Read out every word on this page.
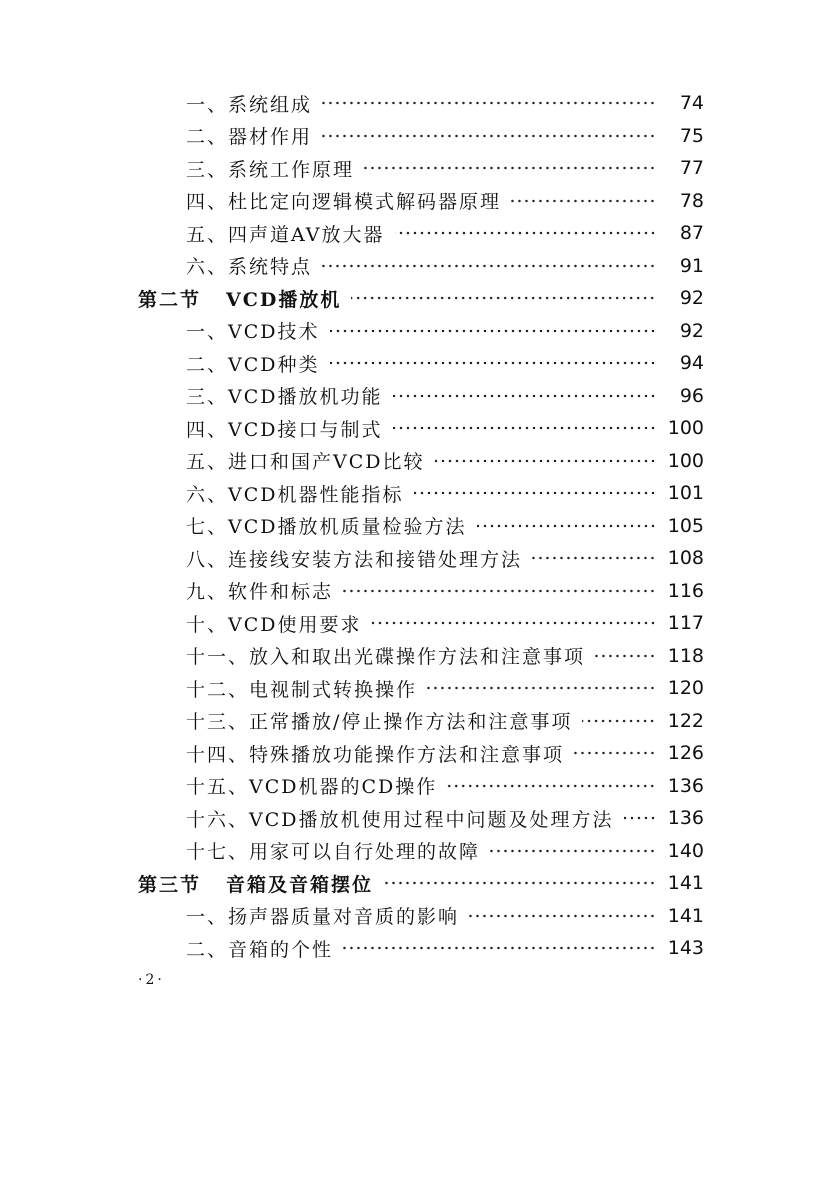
一、系统组成	74
二、器材作用	75
三、系统工作原理	77
四、杜比定向逻辑模式解码器原理	78
五、四声道AV放大器	87
六、系统特点	91
第二节 VCD播放机	92
一、VCD技术	92
二、VCD种类	94
三、VCD播放机功能	96
四、VCD接口与制式	100
五、进口和国产VCD比较	100
六、VCD机器性能指标	101
七、VCD播放机质量检验方法	105
八、连接线安装方法和接错处理方法	108
九、软件和标志	116
十、VCD使用要求	117
十一、放入和取出光碟操作方法和注意事项	118
十二、电视制式转换操作	120
十三、正常播放/停止操作方法和注意事项	122
十四、特殊播放功能操作方法和注意事项	126
十五、VCD机器的CD操作	136
十六、VCD播放机使用过程中问题及处理方法	136
十七、用家可以自行处理的故障	140
第三节 音箱及音箱摆位	141
一、扬声器质量对音质的影响	141
二、音箱的个性	143
·2·
